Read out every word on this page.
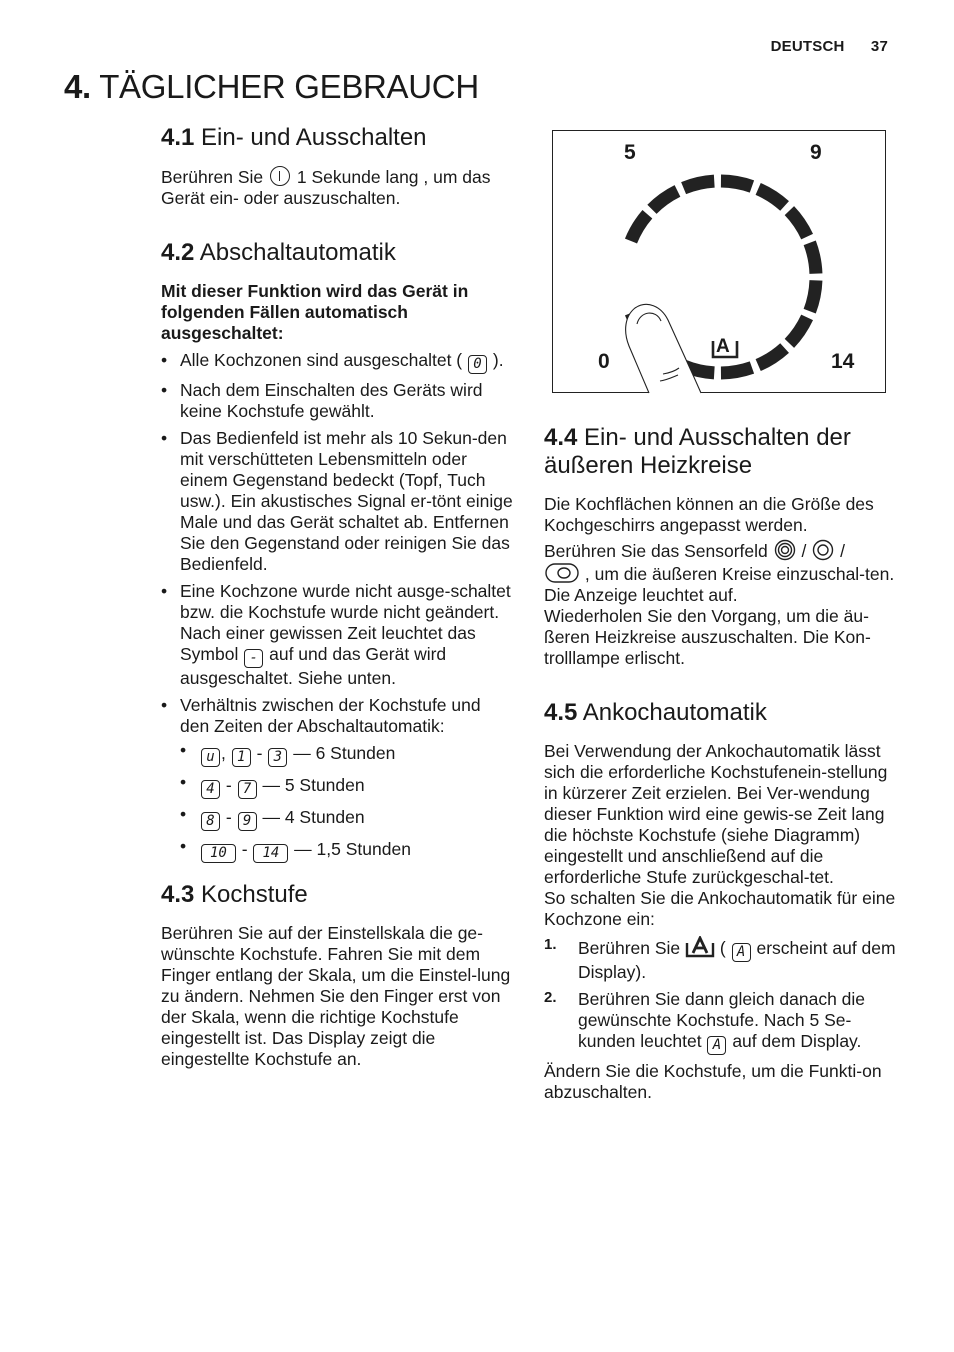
DEUTSCH 37
4. TÄGLICHER GEBRAUCH
4.1 Ein- und Ausschalten

Berühren Sie 1 Sekunde lang , um das Gerät ein- oder auszuschalten.

4.2 Abschaltautomatik

Mit dieser Funktion wird das Gerät in folgenden Fällen automatisch ausgeschaltet:

• Alle Kochzonen sind ausgeschaltet ( 0 ).
• Nach dem Einschalten des Geräts wird keine Kochstufe gewählt.
• Das Bedienfeld ist mehr als 10 Sekun-den mit verschütteten Lebensmitteln oder einem Gegenstand bedeckt (Topf, Tuch usw.). Ein akustisches Signal er-tönt einige Male und das Gerät schaltet ab. Entfernen Sie den Gegenstand oder reinigen Sie das Bedienfeld.
• Eine Kochzone wurde nicht ausge-schaltet bzw. die Kochstufe wurde nicht geändert. Nach einer gewissen Zeit leuchtet das Symbol - auf und das Gerät wird ausgeschaltet. Siehe unten.
• Verhältnis zwischen der Kochstufe und den Zeiten der Abschaltautomatik:
• u , 1 - 3 — 6 Stunden
• 4 - 7 — 5 Stunden
• 8 - 9 — 4 Stunden
• 10 - 14 — 1,5 Stunden
4.3 Kochstufe

Berühren Sie auf der Einstellskala die ge-wünschte Kochstufe. Fahren Sie mit dem Finger entlang der Skala, um die Einstel-lung zu ändern. Nehmen Sie den Finger erst von der Skala, wenn die richtige Kochstufe eingestellt ist. Das Display zeigt die eingestellte Kochstufe an.

5	9
0	14
A
4.4 Ein- und Ausschalten der äußeren Heizkreise

Die Kochflächen können an die Größe des Kochgeschirrs angepasst werden.

Berühren Sie das Sensorfeld / /
, um die äußeren Kreise einzuschal-ten. Die Anzeige leuchtet auf.

Wiederholen Sie den Vorgang, um die äu-ßeren Heizkreise auszuschalten. Die Kon-trolllampe erlischt.

4.5 Ankochautomatik

Bei Verwendung der Ankochautomatik lässt sich die erforderliche Kochstufenein-stellung in kürzerer Zeit erzielen. Bei Ver-wendung dieser Funktion wird eine gewis-se Zeit lang die höchste Kochstufe (siehe Diagramm) eingestellt und anschließend auf die erforderliche Stufe zurückgeschal-tet.

So schalten Sie die Ankochautomatik für eine Kochzone ein:

1. Berühren Sie ( A erscheint auf dem Display).
2. Berühren Sie dann gleich danach die gewünschte Kochstufe. Nach 5 Se-kunden leuchtet A auf dem Display.

Ändern Sie die Kochstufe, um die Funkti-on abzuschalten.
